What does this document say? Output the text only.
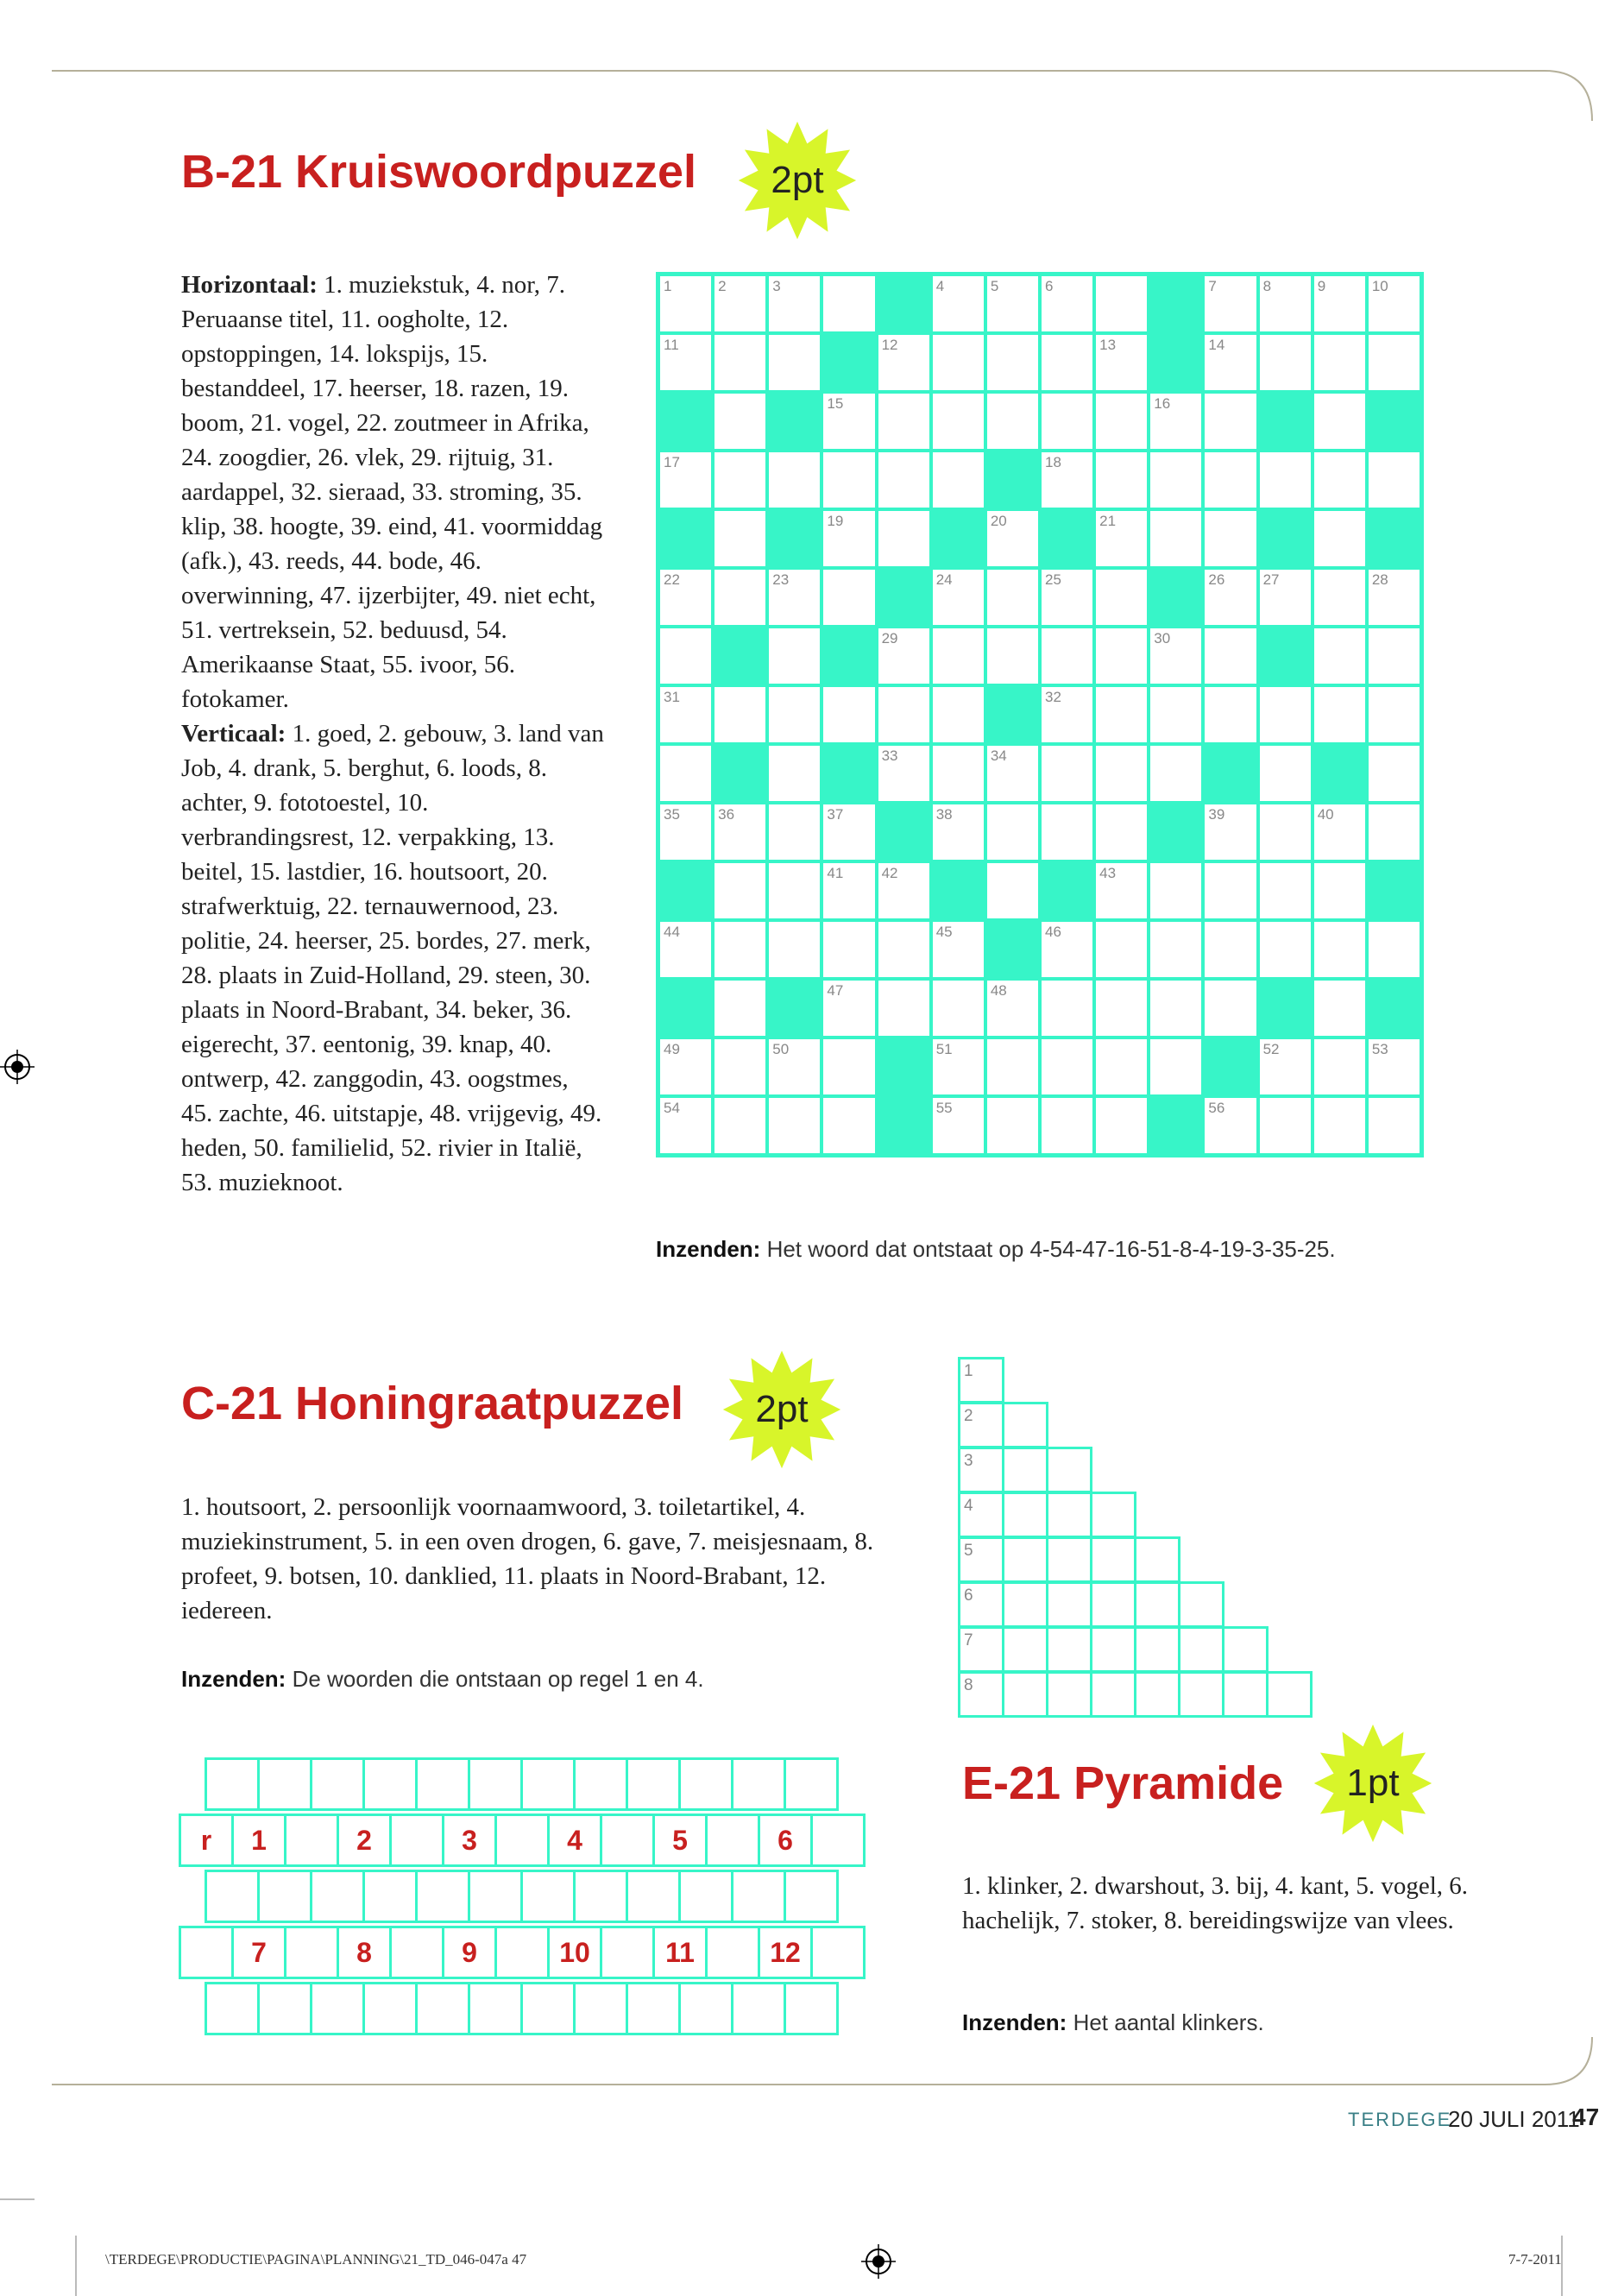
B-21 Kruiswoordpuzzel	2pt
Horizontaal: 1. muziekstuk, 4. nor, 7. Peruaanse titel, 11. oogholte, 12. opstoppingen, 14. lokspijs, 15. bestanddeel, 17. heerser, 18. razen, 19. boom, 21. vogel, 22. zoutmeer in Afrika, 24. zoogdier, 26. vlek, 29. rijtuig, 31. aardappel, 32. sieraad, 33. stroming, 35. klip, 38. hoogte, 39. eind, 41. voormiddag (afk.), 43. reeds, 44. bode, 46. overwinning, 47. ijzerbijter, 49. niet echt, 51. vertreksein, 52. beduusd, 54. Amerikaanse Staat, 55. ivoor, 56. fotokamer.
Verticaal: 1. goed, 2. gebouw, 3. land van Job, 4. drank, 5. berghut, 6. loods, 8. achter, 9. fototoestel, 10. verbrandingsrest, 12. verpakking, 13. beitel, 15. lastdier, 16. houtsoort, 20. strafwerktuig, 22. ternauwernood, 23. politie, 24. heerser, 25. bordes, 27. merk, 28. plaats in Zuid-Holland, 29. steen, 30. plaats in Noord-Brabant, 34. beker, 36. eigerecht, 37. eentonig, 39. knap, 40. ontwerp, 42. zanggodin, 43. oogstmes, 45. zachte, 46. uitstapje, 48. vrijgevig, 49. heden, 50. familielid, 52. rivier in Italië, 53. muzieknoot.
1	2	3	4	5	6	7	8	9	10
11	12	13	14
15	16
17	18
19	20	21
22	23	24	25	26	27	28
29	30
31	32
33	34
35	36	37	38	39	40
41	42	43
44	45	46
47	48
49	50	51	52	53
54	55	56
Inzenden: Het woord dat ontstaat op 4-54-47-16-51-8-4-19-3-35-25.
C-21 Honingraatpuzzel	2pt
1. houtsoort, 2. persoonlijk voornaamwoord, 3. toiletartikel, 4. muziekinstrument, 5. in een oven drogen, 6. gave, 7. meisjesnaam, 8. profeet, 9. botsen, 10. danklied, 11. plaats in Noord-Brabant, 12. iedereen.
Inzenden: De woorden die ontstaan op regel 1 en 4.
r	1	2	3	4	5	6
7	8	9	10	11	12
1
2
3
4
5
6
7
8
E-21 Pyramide	1pt
1. klinker, 2. dwarshout, 3. bij, 4. kant, 5. vogel, 6. hachelijk, 7. stoker, 8. bereidingswijze van vlees.
Inzenden: Het aantal klinkers.
TERDEGE
20 JULI 2011
47
\TERDEGE\PRODUCTIE\PAGINA\PLANNING\21_TD_046-047a 47	7-7-2011
